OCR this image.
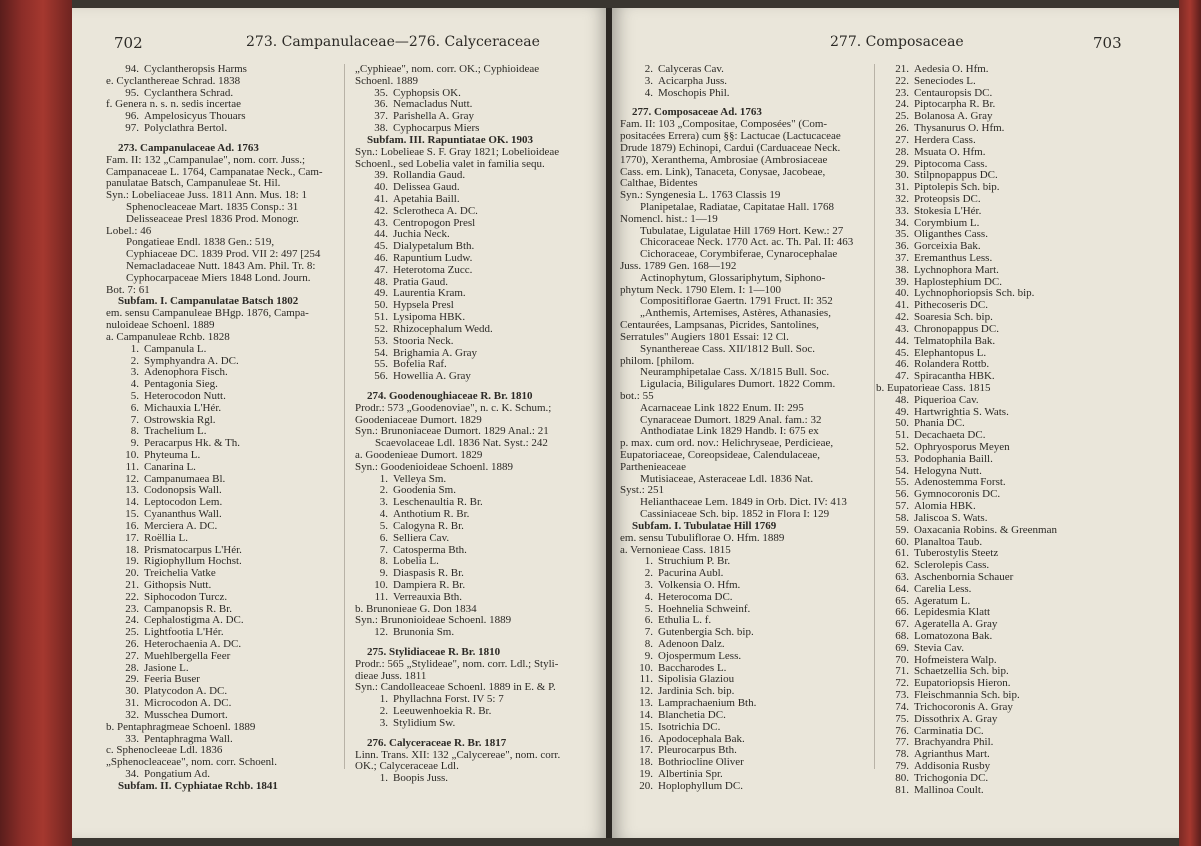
702	273. Campanulaceae—276. Calyceraceae	277. Composaceae	703
94. Cyclantheropsis Harms
e. Cyclanthereae Schrad. 1838
95. Cyclanthera Schrad.
f. Genera n. s. n. sedis incertae
96. Ampelosicyus Thouars
97. Polyclathra Bertol.
273. Campanulaceae Ad. 1763
Fam. II: 132 „Campanulae", nom. corr. Juss.;
Campanaceae L. 1764, Campanatae Neck., Cam-
panulatae Batsch, Campanuleae St. Hil.
Syn.: Lobeliaceae Juss. 1811 Ann. Mus. 18: 1
Sphenocleaceae Mart. 1835 Consp.: 31
Delisseaceae Presl 1836 Prod. Monogr.
Lobel.: 46
Pongatieae Endl. 1838 Gen.: 519,
Cyphiaceae DC. 1839 Prod. VII 2: 497 [254
Nemacladaceae Nutt. 1843 Am. Phil. Tr. 8:
Cyphocarpaceae Miers 1848 Lond. Journ.
Bot. 7: 61
Subfam. I. Campanulatae Batsch 1802
em. sensu Campanuleae BHgp. 1876, Campa-
nuloideae Schoenl. 1889
a. Campanuleae Rchb. 1828
1. Campanula L.
2. Symphyandra A. DC.
3. Adenophora Fisch.
4. Pentagonia Sieg.
5. Heterocodon Nutt.
6. Michauxia L'Hér.
7. Ostrowskia Rgl.
8. Trachelium L.
9. Peracarpus Hk. & Th.
10. Phyteuma L.
11. Canarina L.
12. Campanumaea Bl.
13. Codonopsis Wall.
14. Leptocodon Lem.
15. Cyananthus Wall.
16. Merciera A. DC.
17. Roëllia L.
18. Prismatocarpus L'Hér.
19. Rigiophyllum Hochst.
20. Treichelia Vatke
21. Githopsis Nutt.
22. Siphocodon Turcz.
23. Campanopsis R. Br.
24. Cephalostigma A. DC.
25. Lightfootia L'Hér.
26. Heterochaenia A. DC.
27. Muehlbergella Feer
28. Jasione L.
29. Feeria Buser
30. Platycodon A. DC.
31. Microcodon A. DC.
32. Musschea Dumort.
b. Pentaphragmeae Schoenl. 1889
33. Pentaphragma Wall.
c. Sphenocleeae Ldl. 1836
„Sphenocleaceae", nom. corr. Schoenl.
34. Pongatium Ad.
Subfam. II. Cyphiatae Rchb. 1841
„Cyphieae", nom. corr. OK.; Cyphioideae
Schoenl. 1889
35. Cyphopsis OK.
36. Nemacladus Nutt.
37. Parishella A. Gray
38. Cyphocarpus Miers
Subfam. III. Rapuntiatae OK. 1903
Syn.: Lobelieae S. F. Gray 1821; Lobelioideae
Schoenl., sed Lobelia valet in familia sequ.
39. Rollandia Gaud.
40. Delissea Gaud.
41. Apetahia Baill.
42. Sclerotheca A. DC.
43. Centropogon Presl
44. Juchia Neck.
45. Dialypetalum Bth.
46. Rapuntium Ludw.
47. Heterotoma Zucc.
48. Pratia Gaud.
49. Laurentia Kram.
50. Hypsela Presl
51. Lysipoma HBK.
52. Rhizocephalum Wedd.
53. Stooria Neck.
54. Brighamia A. Gray
55. Bofelia Raf.
56. Howellia A. Gray
274. Goodenoughiaceae R. Br. 1810
Prodr.: 573 „Goodenoviae", n. c. K. Schum.;
Goodeniaceae Dumort. 1829
Syn.: Brunoniaceae Dumort. 1829 Anal.: 21
Scaevolaceae Ldl. 1836 Nat. Syst.: 242
a. Goodenieae Dumort. 1829
Syn.: Goodenioideae Schoenl. 1889
1. Velleya Sm.
2. Goodenia Sm.
3. Leschenaultia R. Br.
4. Anthotium R. Br.
5. Calogyna R. Br.
6. Selliera Cav.
7. Catosperma Bth.
8. Lobelia L.
9. Diaspasis R. Br.
10. Dampiera R. Br.
11. Verreauxia Bth.
b. Brunonieae G. Don 1834
Syn.: Brunonioideae Schoenl. 1889
12. Brunonia Sm.
275. Stylidiaceae R. Br. 1810
Prodr.: 565 „Stylideae", nom. corr. Ldl.; Styli-
dieae Juss. 1811
Syn.: Candolleaceae Schoenl. 1889 in E. & P.
1. Phyllachna Forst. IV 5: 7
2. Leeuwenhoekia R. Br.
3. Stylidium Sw.
276. Calyceraceae R. Br. 1817
Linn. Trans. XII: 132 „Calycereae", nom. corr.
OK.; Calyceraceae Ldl.
1. Boopis Juss.
2. Calyceras Cav.
3. Acicarpha Juss.
4. Moschopis Phil.
277. Composaceae Ad. 1763
Fam. II: 103 „Compositae, Composées" (Com-
positacées Errera) cum §§: Lactucae (Lactucaceae
Drude 1879) Echinopi, Cardui (Carduaceae Neck.
1770), Xeranthema, Ambrosiae (Ambrosiaceae
Cass. em. Link), Tanaceta, Conysae, Jacobeae,
Calthae, Bidentes
Syn.: Syngenesia L. 1763 Classis 19
Planipetalae, Radiatae, Capitatae Hall. 1768
Nomencl. hist.: 1—19
Tubulatae, Ligulatae Hill 1769 Hort. Kew.: 27
Chicoraceae Neck. 1770 Act. ac. Th. Pal. II: 463
Cichoraceae, Corymbiferae, Cynarocephalae
Juss. 1789 Gen. 168—192
Actinophytum, Glossariphytum, Siphono-
phytum Neck. 1790 Elem. I: 1—100
Compositiflorae Gaertn. 1791 Fruct. II: 352
„Anthemis, Artemises, Astères, Athanasies,
Centaurées, Lampsanas, Picrides, Santolines,
Serratules" Augiers 1801 Essai: 12 Cl.
Synanthereae Cass. XII/1812 Bull. Soc.
philom. [philom.
Neuramphipetalae Cass. X/1815 Bull. Soc.
Ligulacia, Biligulares Dumort. 1822 Comm.
bot.: 55
Acarnaceae Link 1822 Enum. II: 295
Cynaraceae Dumort. 1829 Anal. fam.: 32
Anthodiatae Link 1829 Handb. I: 675 ex
p. max. cum ord. nov.: Helichryseae, Perdicieae,
Eupatoriaceae, Coreopsideae, Calendulaceae,
Parthenieaceae
Mutisiaceae, Asteraceae Ldl. 1836 Nat.
Syst.: 251
Helianthaceae Lem. 1849 in Orb. Dict. IV: 413
Cassiniaceae Sch. bip. 1852 in Flora I: 129
Subfam. I. Tubulatae Hill 1769
em. sensu Tubuliflorae O. Hfm. 1889
a. Vernonieae Cass. 1815
1. Struchium P. Br.
2. Pacurina Aubl.
3. Volkensia O. Hfm.
4. Heterocoma DC.
5. Hoehnelia Schweinf.
6. Ethulia L. f.
7. Gutenbergia Sch. bip.
8. Adenoon Dalz.
9. Ojospermum Less.
10. Baccharodes L.
11. Sipolisia Glaziou
12. Jardinia Sch. bip.
13. Lamprachaenium Bth.
14. Blanchetia DC.
15. Isotrichia DC.
16. Apodocephala Bak.
17. Pleurocarpus Bth.
18. Bothriocline Oliver
19. Albertinia Spr.
20. Hoplophyllum DC.
21. Aedesia O. Hfm.
22. Seneciodes L.
23. Centauropsis DC.
24. Piptocarpha R. Br.
25. Bolanosa A. Gray
26. Thysanurus O. Hfm.
27. Herdera Cass.
28. Msuata O. Hfm.
29. Piptocoma Cass.
30. Stilpnopappus DC.
31. Piptolepis Sch. bip.
32. Proteopsis DC.
33. Stokesia L'Hér.
34. Corymbium L.
35. Oliganthes Cass.
36. Gorceixia Bak.
37. Eremanthus Less.
38. Lychnophora Mart.
39. Haplostephium DC.
40. Lychnophoriopsis Sch. bip.
41. Pithecoseris DC.
42. Soaresia Sch. bip.
43. Chronopappus DC.
44. Telmatophila Bak.
45. Elephantopus L.
46. Rolandera Rottb.
47. Spiracantha HBK.
b. Eupatorieae Cass. 1815
48. Piquerioa Cav.
49. Hartwrightia S. Wats.
50. Phania DC.
51. Decachaeta DC.
52. Ophryosporus Meyen
53. Podophania Baill.
54. Helogyna Nutt.
55. Adenostemma Forst.
56. Gymnocoronis DC.
57. Alomia HBK.
58. Jaliscoa S. Wats.
59. Oaxacania Robins. & Greenman
60. Planaltoa Taub.
61. Tuberostylis Steetz
62. Sclerolepis Cass.
63. Aschenbornia Schauer
64. Carelia Less.
65. Ageratum L.
66. Lepidesmia Klatt
67. Ageratella A. Gray
68. Lomatozona Bak.
69. Stevia Cav.
70. Hofmeistera Walp.
71. Schaetzellia Sch. bip.
72. Eupatoriopsis Hieron.
73. Fleischmannia Sch. bip.
74. Trichocoronis A. Gray
75. Dissothrix A. Gray
76. Carminatia DC.
77. Brachyandra Phil.
78. Agrianthus Mart.
79. Addisonia Rusby
80. Trichogonia DC.
81. Mallinoa Coult.
